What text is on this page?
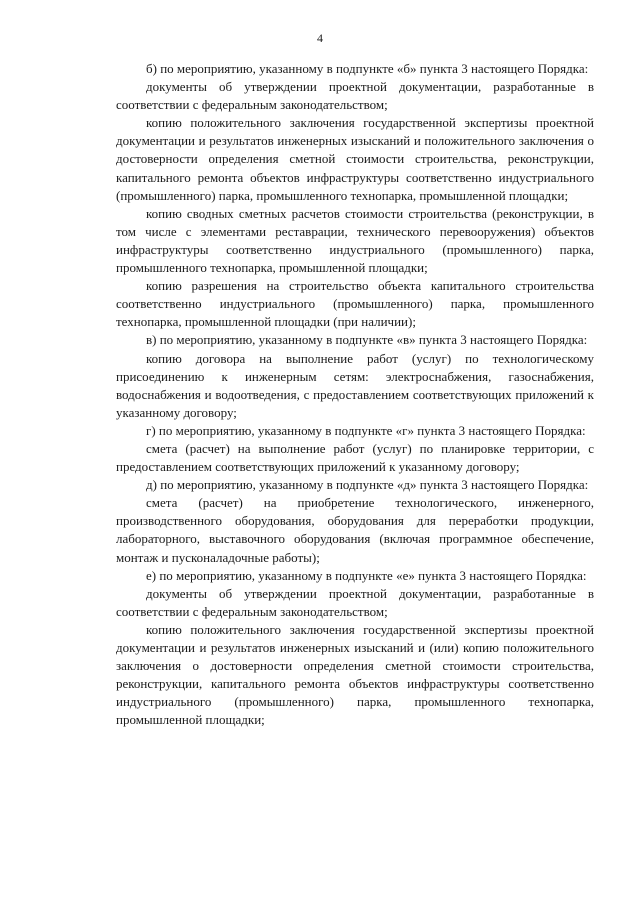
4

б) по мероприятию, указанному в подпункте «б» пункта 3 настоящего Порядка:

документы об утверждении проектной документации, разработанные в соответствии с федеральным законодательством;

копию положительного заключения государственной экспертизы проектной документации и результатов инженерных изысканий и положительного заключения о достоверности определения сметной стоимости строительства, реконструкции, капитального ремонта объектов инфраструктуры соответственно индустриального (промышленного) парка, промышленного технопарка, промышленной площадки;

копию сводных сметных расчетов стоимости строительства (реконструкции, в том числе с элементами реставрации, технического перевооружения) объектов инфраструктуры соответственно индустриального (промышленного) парка, промышленного технопарка, промышленной площадки;

копию разрешения на строительство объекта капитального строительства соответственно индустриального (промышленного) парка, промышленного технопарка, промышленной площадки (при наличии);

в) по мероприятию, указанному в подпункте «в» пункта 3 настоящего Порядка:

копию договора на выполнение работ (услуг) по технологическому присоединению к инженерным сетям: электроснабжения, газоснабжения, водоснабжения и водоотведения, с предоставлением соответствующих приложений к указанному договору;

г) по мероприятию, указанному в подпункте «г» пункта 3 настоящего Порядка:

смета (расчет) на выполнение работ (услуг) по планировке территории, с предоставлением соответствующих приложений к указанному договору;

д) по мероприятию, указанному в подпункте «д» пункта 3 настоящего Порядка:

смета (расчет) на приобретение технологического, инженерного, производственного оборудования, оборудования для переработки продукции, лабораторного, выставочного оборудования (включая программное обеспечение, монтаж и пусконаладочные работы);

е) по мероприятию, указанному в подпункте «е» пункта 3 настоящего Порядка:

документы об утверждении проектной документации, разработанные в соответствии с федеральным законодательством;

копию положительного заключения государственной экспертизы проектной документации и результатов инженерных изысканий и (или) копию положительного заключения о достоверности определения сметной стоимости строительства, реконструкции, капитального ремонта объектов инфраструктуры соответственно индустриального (промышленного) парка, промышленного технопарка, промышленной площадки;
